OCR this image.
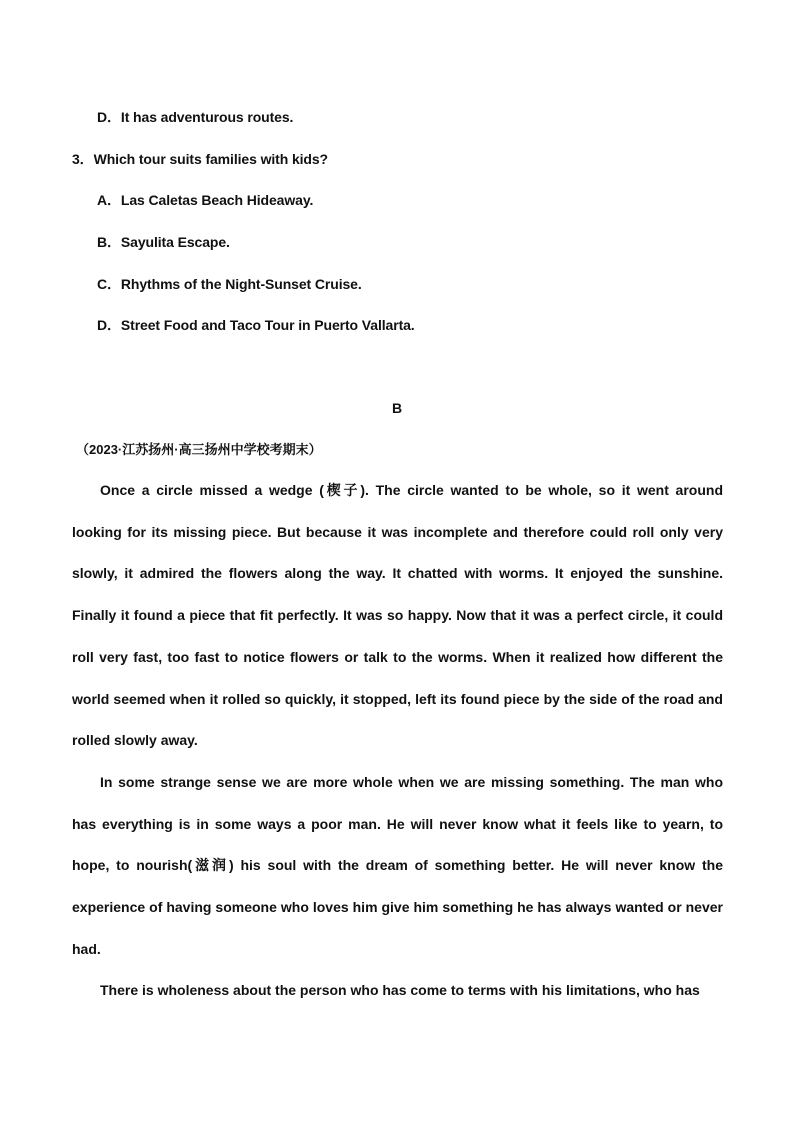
D．It has adventurous routes.
3．Which tour suits families with kids?
A．Las Caletas Beach Hideaway.
B．Sayulita Escape.
C．Rhythms of the Night-Sunset Cruise.
D．Street Food and Taco Tour in Puerto Vallarta.
B
（2023·江苏扬州·高三扬州中学校考期末）

Once a circle missed a wedge (楔子). The circle wanted to be whole, so it went around looking for its missing piece. But because it was incomplete and therefore could roll only very slowly, it admired the flowers along the way. It chatted with worms. It enjoyed the sunshine. Finally it found a piece that fit perfectly. It was so happy. Now that it was a perfect circle, it could roll very fast, too fast to notice flowers or talk to the worms. When it realized how different the world seemed when it rolled so quickly, it stopped, left its found piece by the side of the road and rolled slowly away.

In some strange sense we are more whole when we are missing something. The man who has everything is in some ways a poor man. He will never know what it feels like to yearn, to hope, to nourish(滋润) his soul with the dream of something better. He will never know the experience of having someone who loves him give him something he has always wanted or never had.

There is wholeness about the person who has come to terms with his limitations, who has
